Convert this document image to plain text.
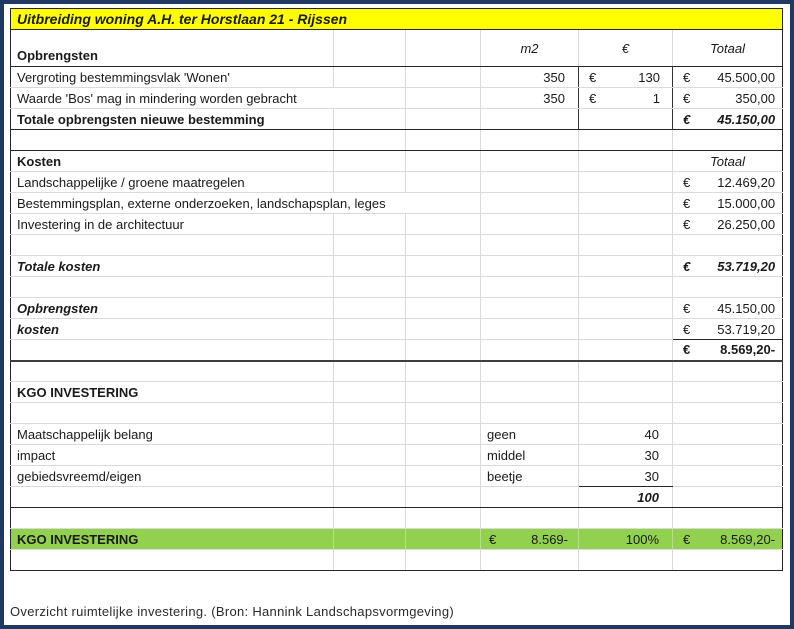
Uitbreiding woning A.H. ter Horstlaan 21 - Rijssen					
Opbrengsten			m2	€	Totaal
Vergroting bestemmingsvlak 'Wonen'			350	€ 130	€ 45.500,00

Waarde 'Bos' mag in mindering worden gebracht			350	€ 1	€ 350,00

Totale opbrengsten nieuwe bestemming					€ 45.150,00

Kosten					Totaal
Landschappelijke / groene maatregelen					€ 12.469,20

Bestemmingsplan, externe onderzoeken, landschapsplan, leges					€ 15.000,00

Investering in de architectuur					€ 26.250,00

Totale kosten					€ 53.719,20

Opbrengsten					€ 45.150,00

kosten					€ 53.719,20

					€ 8.569,20-

KGO INVESTERING					

Maatschappelijk belang			geen	40	
impact			middel	30	
gebiedsvreemd/eigen			beetje	30	
				100	

KGO INVESTERING			€ 8.569-	100%	€ 8.569,20-

Overzicht ruimtelijke investering. (Bron: Hannink Landschapsvormgeving)
